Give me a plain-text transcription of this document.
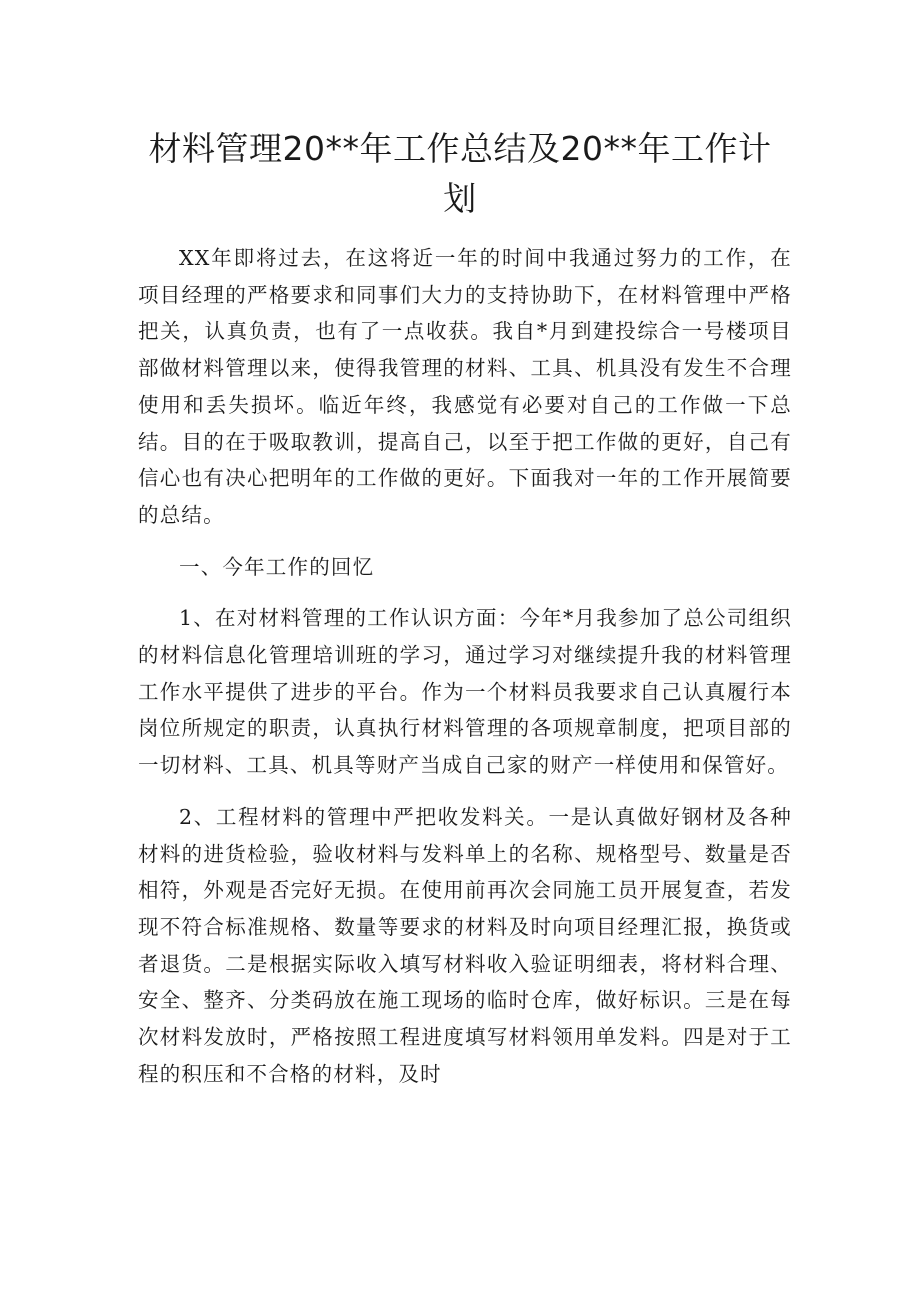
材料管理20**年工作总结及20**年工作计划

XX年即将过去，在这将近一年的时间中我通过努力的工作，在项目经理的严格要求和同事们大力的支持协助下，在材料管理中严格把关，认真负责，也有了一点收获。我自*月到建投综合一号楼项目部做材料管理以来，使得我管理的材料、工具、机具没有发生不合理使用和丢失损坏。临近年终，我感觉有必要对自己的工作做一下总结。目的在于吸取教训，提高自己，以至于把工作做的更好，自己有信心也有决心把明年的工作做的更好。下面我对一年的工作开展简要的总结。

一、今年工作的回忆

1、在对材料管理的工作认识方面：今年*月我参加了总公司组织的材料信息化管理培训班的学习，通过学习对继续提升我的材料管理工作水平提供了进步的平台。作为一个材料员我要求自己认真履行本岗位所规定的职责，认真执行材料管理的各项规章制度，把项目部的一切材料、工具、机具等财产当成自己家的财产一样使用和保管好。

2、工程材料的管理中严把收发料关。一是认真做好钢材及各种材料的进货检验，验收材料与发料单上的名称、规格型号、数量是否相符，外观是否完好无损。在使用前再次会同施工员开展复查，若发现不符合标准规格、数量等要求的材料及时向项目经理汇报，换货或者退货。二是根据实际收入填写材料收入验证明细表，将材料合理、安全、整齐、分类码放在施工现场的临时仓库，做好标识。三是在每次材料发放时，严格按照工程进度填写材料领用单发料。四是对于工程的积压和不合格的材料，及时
